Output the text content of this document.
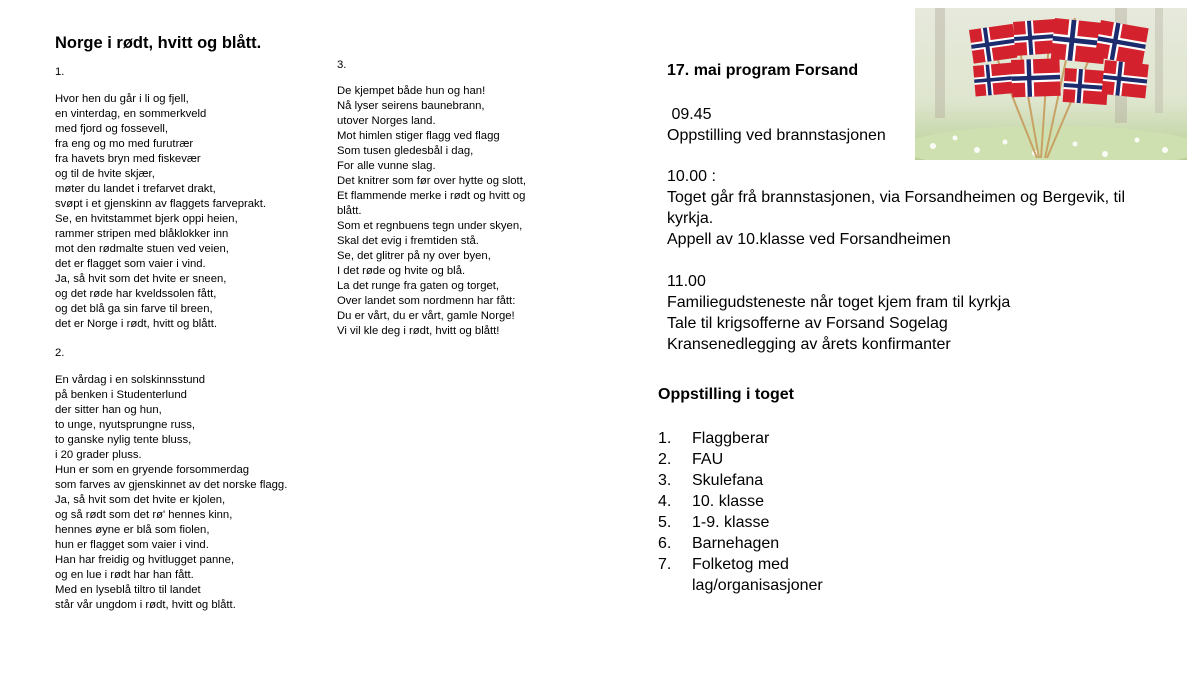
Norge i rødt, hvitt og blått.
1.
Hvor hen du går i li og fjell,
en vinterdag, en sommerkveld
med fjord og fossevell,
fra eng og mo med furutrær
fra havets bryn med fiskevær
og til de hvite skjær,
møter du landet i trefarvet drakt,
svøpt i et gjenskinn av flaggets farveprakt.
Se, en hvitstammet bjerk oppi heien,
rammer stripen med blåklokker inn
mot den rødmalte stuen ved veien,
det er flagget som vaier i vind.
Ja, så hvit som det hvite er sneen,
og det røde har kveldssolen fått,
og det blå ga sin farve til breen,
det er Norge i rødt, hvitt og blått.
2.
En vårdag i en solskinnsstund
på benken i Studenterlund
der sitter han og hun,
to unge, nyutsprungne russ,
to ganske nylig tente bluss,
i 20 grader pluss.
Hun er som en gryende forsommerdag
som farves av gjenskinnet av det norske flagg.
Ja, så hvit som det hvite er kjolen,
og så rødt som det rø' hennes kinn,
hennes øyne er blå som fiolen,
hun er flagget som vaier i vind.
Han har freidig og hvitlugget panne,
og en lue i rødt har han fått.
Med en lyseblå tiltro til landet
står vår ungdom i rødt, hvitt og blått.
3.
De kjempet både hun og han!
Nå lyser seirens baunebrann,
utover Norges land.
Mot himlen stiger flagg ved flagg
Som tusen gledesbål i dag,
For alle vunne slag.
Det knitrer som før over hytte og slott,
Et flammende merke i rødt og hvitt og
blått.
Som et regnbuens tegn under skyen,
Skal det evig i fremtiden stå.
Se, det glitrer på ny over byen,
I det røde og hvite og blå.
La det runge fra gaten og torget,
Over landet som nordmenn har fått:
Du er vårt, du er vårt, gamle Norge!
Vi vil kle deg i rødt, hvitt og blått!
17. mai program Forsand
09.45
Oppstilling ved brannstasjonen
10.00 :
Toget går frå brannstasjonen, via Forsandheimen og Bergevik, til
kyrkja.
Appell av 10.klasse ved Forsandheimen
11.00
Familiegudsteneste når toget kjem fram til kyrkja
Tale til krigsofferne av Forsand Sogelag
Kransenedlegging av årets konfirmanter
Oppstilling i toget
1.	Flaggberar
2.	FAU
3.	Skulefana
4.	10. klasse
5.	1-9. klasse
6.	Barnehagen
7.	Folketog med lag/organisasjoner
